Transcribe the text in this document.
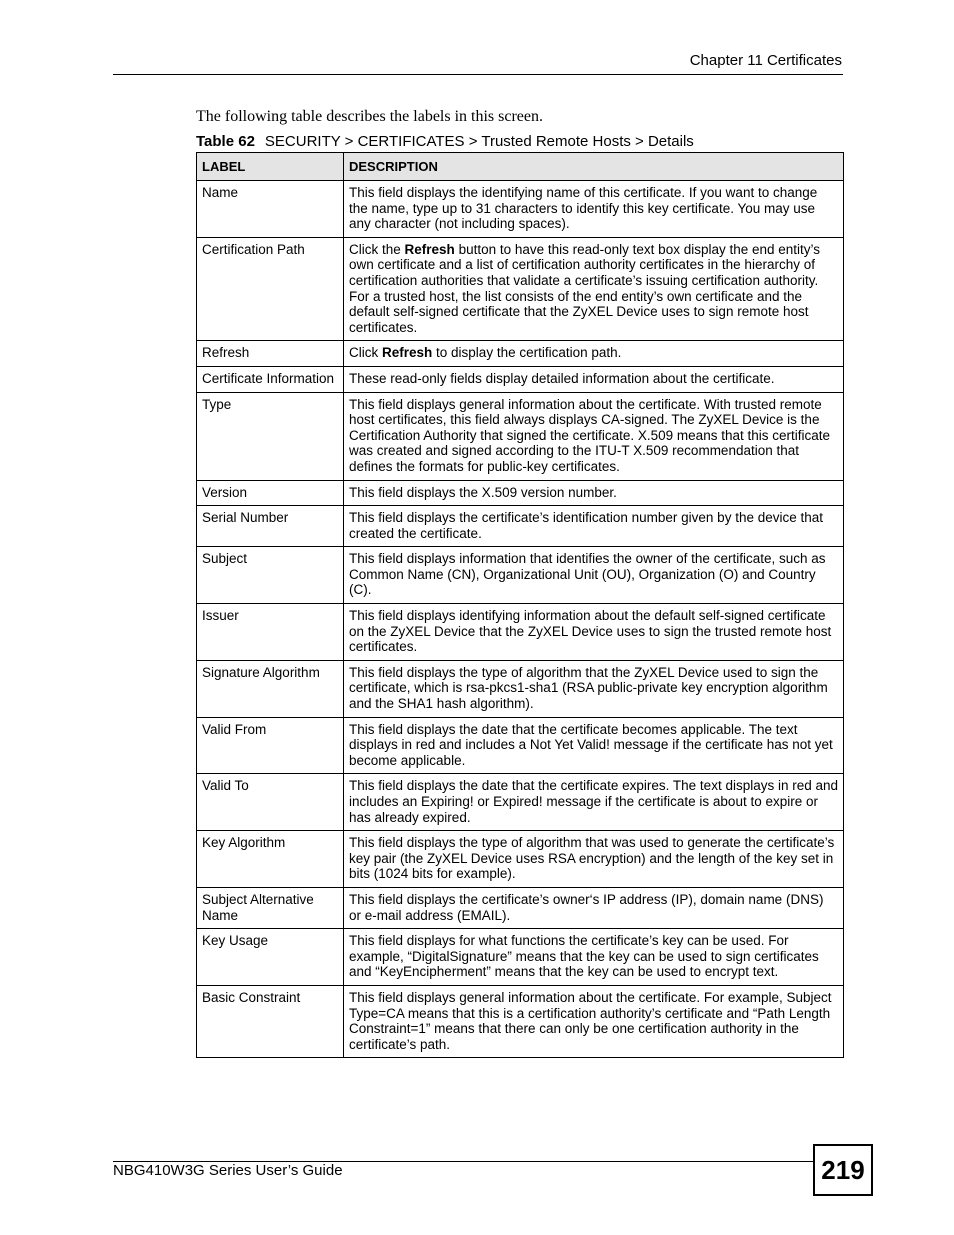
Chapter 11 Certificates
The following table describes the labels in this screen.
Table 62 SECURITY > CERTIFICATES > Trusted Remote Hosts > Details
LABEL	DESCRIPTION
Name	This field displays the identifying name of this certificate. If you want to change the name, type up to 31 characters to identify this key certificate. You may use any character (not including spaces).
Certification Path	Click the Refresh button to have this read-only text box display the end entity’s own certificate and a list of certification authority certificates in the hierarchy of certification authorities that validate a certificate’s issuing certification authority. For a trusted host, the list consists of the end entity’s own certificate and the default self-signed certificate that the ZyXEL Device uses to sign remote host certificates.
Refresh	Click Refresh to display the certification path.
Certificate Information	These read-only fields display detailed information about the certificate.
Type	This field displays general information about the certificate. With trusted remote host certificates, this field always displays CA-signed. The ZyXEL Device is the Certification Authority that signed the certificate. X.509 means that this certificate was created and signed according to the ITU-T X.509 recommendation that defines the formats for public-key certificates.
Version	This field displays the X.509 version number.
Serial Number	This field displays the certificate’s identification number given by the device that created the certificate.
Subject	This field displays information that identifies the owner of the certificate, such as Common Name (CN), Organizational Unit (OU), Organization (O) and Country (C).
Issuer	This field displays identifying information about the default self-signed certificate on the ZyXEL Device that the ZyXEL Device uses to sign the trusted remote host certificates.
Signature Algorithm	This field displays the type of algorithm that the ZyXEL Device used to sign the certificate, which is rsa-pkcs1-sha1 (RSA public-private key encryption algorithm and the SHA1 hash algorithm).
Valid From	This field displays the date that the certificate becomes applicable. The text displays in red and includes a Not Yet Valid! message if the certificate has not yet become applicable.
Valid To	This field displays the date that the certificate expires. The text displays in red and includes an Expiring! or Expired! message if the certificate is about to expire or has already expired.
Key Algorithm	This field displays the type of algorithm that was used to generate the certificate’s key pair (the ZyXEL Device uses RSA encryption) and the length of the key set in bits (1024 bits for example).
Subject Alternative Name	This field displays the certificate’s owner‘s IP address (IP), domain name (DNS) or e-mail address (EMAIL).
Key Usage	This field displays for what functions the certificate’s key can be used. For example, “DigitalSignature” means that the key can be used to sign certificates and “KeyEncipherment” means that the key can be used to encrypt text.
Basic Constraint	This field displays general information about the certificate. For example, Subject Type=CA means that this is a certification authority’s certificate and “Path Length Constraint=1” means that there can only be one certification authority in the certificate’s path.
NBG410W3G Series User’s Guide	219
